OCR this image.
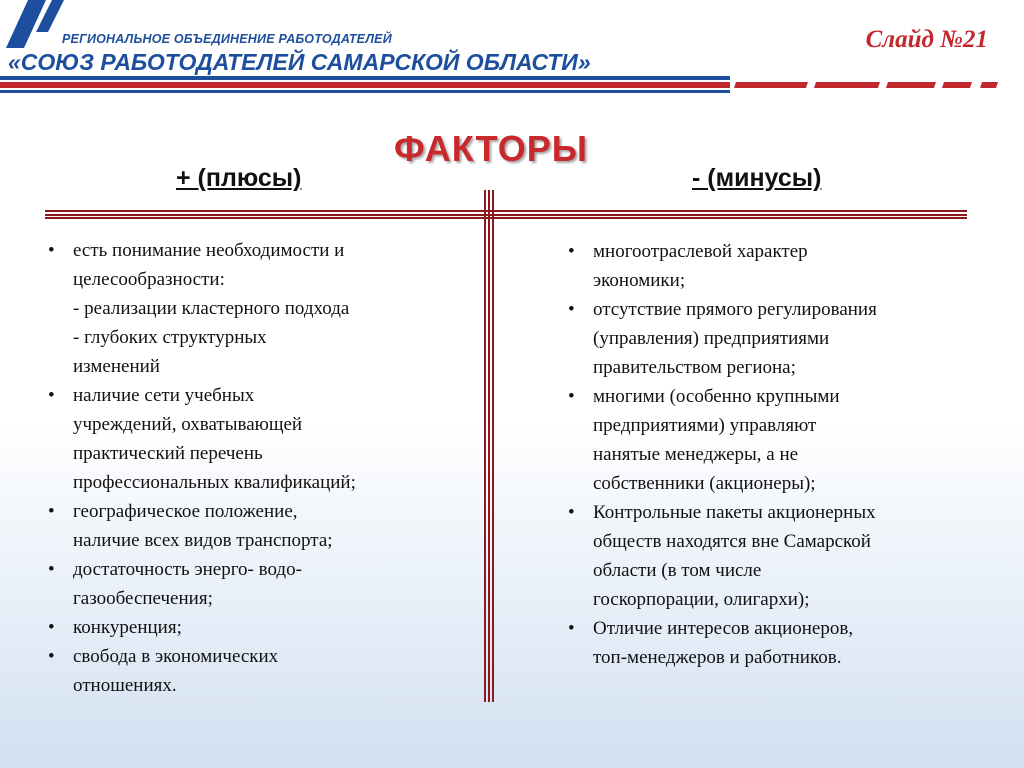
РЕГИОНАЛЬНОЕ ОБЪЕДИНЕНИЕ РАБОТОДАТЕЛЕЙ
«СОЮЗ РАБОТОДАТЕЛЕЙ САМАРСКОЙ ОБЛАСТИ»
Слайд №21
ФАКТОРЫ
+ (плюсы)	- (минусы)
• есть понимание необходимости и
целесообразности:
- реализации кластерного подхода
- глубоких структурных
изменений
• наличие сети учебных
учреждений, охватывающей
практический перечень
профессиональных квалификаций;
• географическое положение,
наличие всех видов транспорта;
• достаточность энерго- водо-
газообеспечения;
• конкуренция;
• свобода в экономических
отношениях.
• многоотраслевой характер
экономики;
• отсутствие прямого регулирования
(управления) предприятиями
правительством региона;
• многими (особенно крупными
предприятиями) управляют
нанятые менеджеры, а не
собственники (акционеры);
• Контрольные пакеты акционерных
обществ находятся вне Самарской
области (в том числе
госкорпорации, олигархи);
• Отличие интересов акционеров,
топ-менеджеров и работников.
